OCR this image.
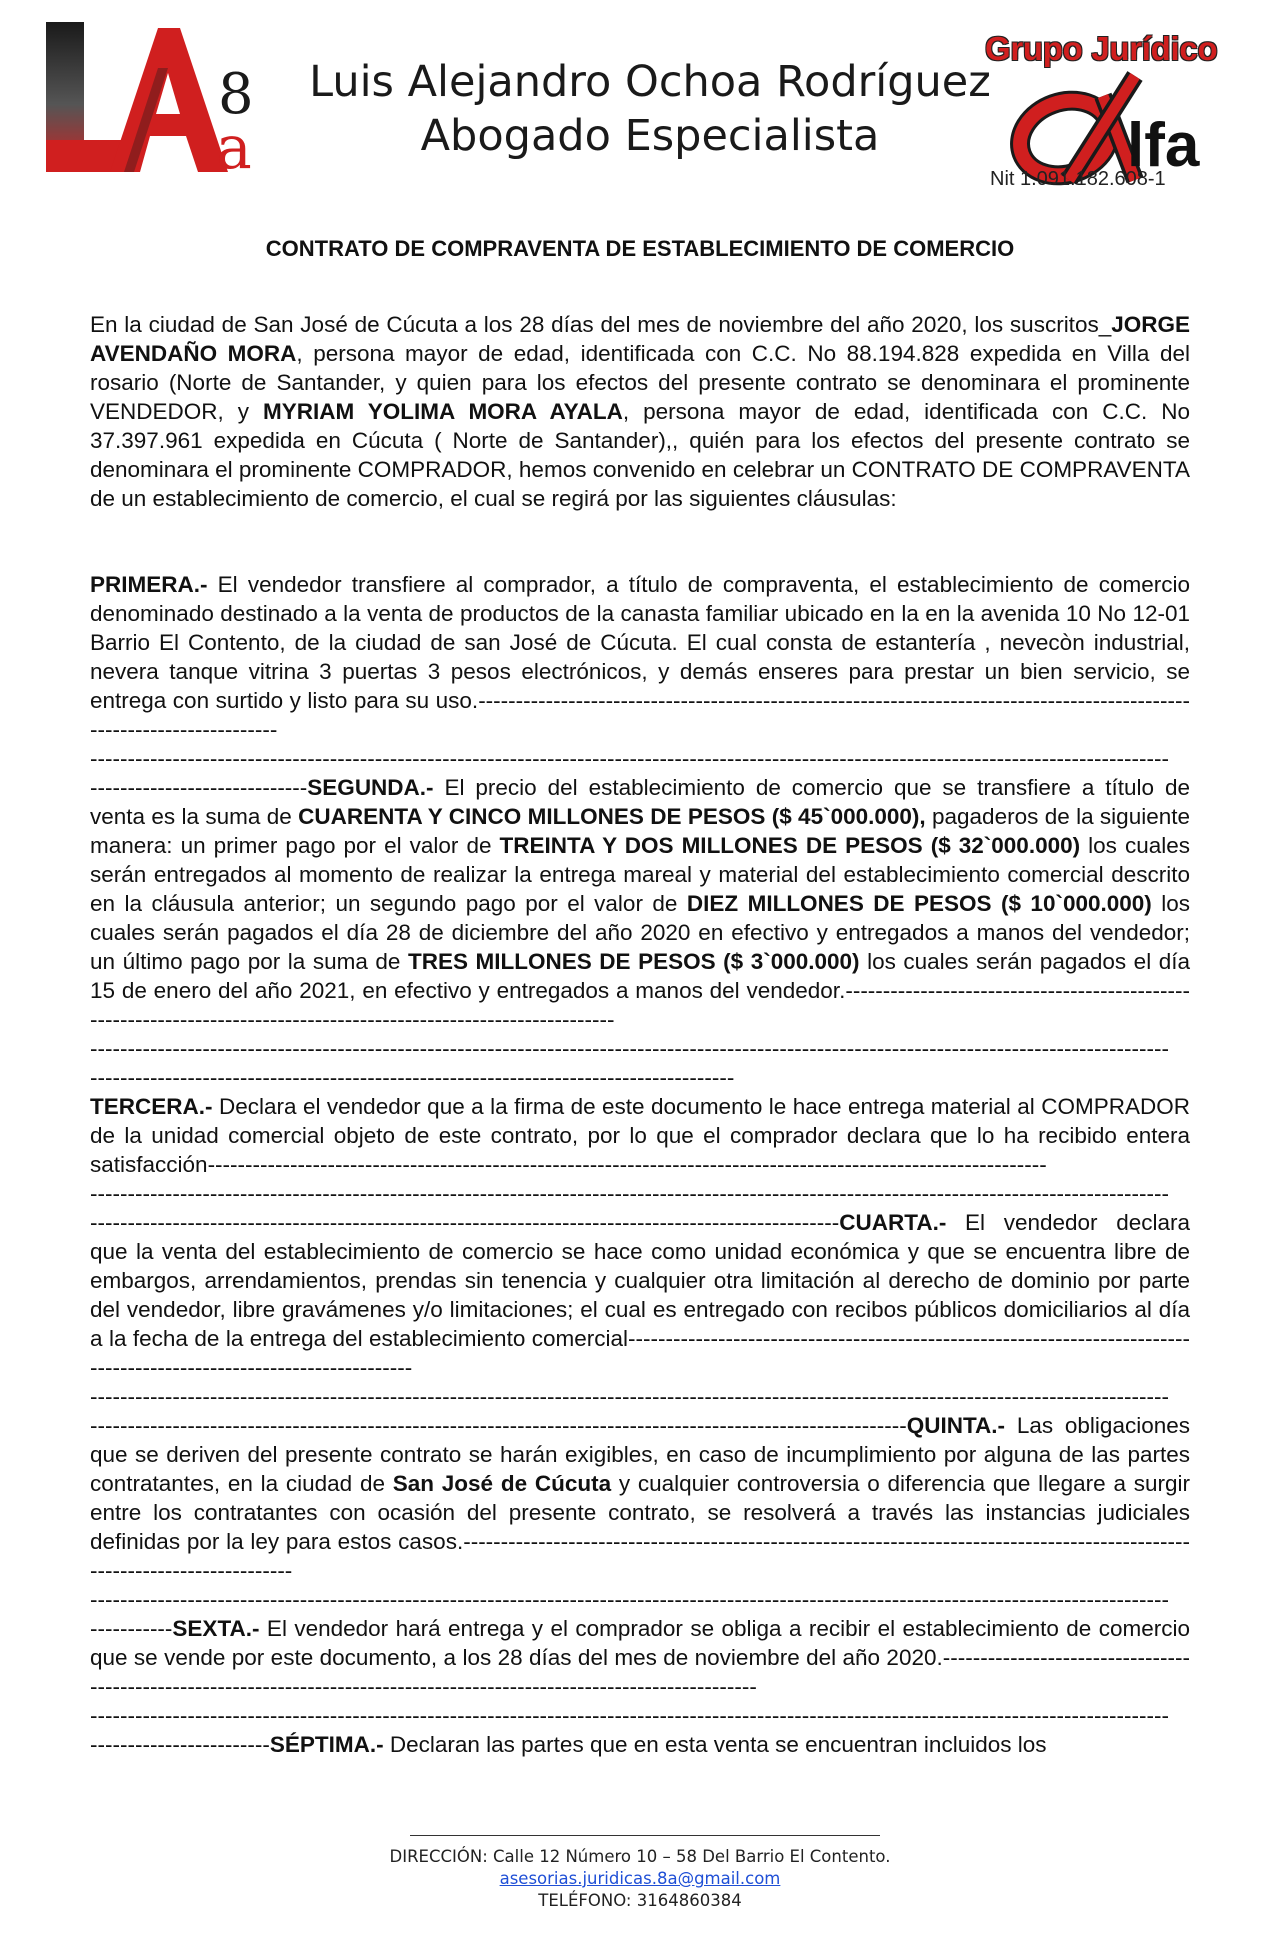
8
a
Luis Alejandro Ochoa Rodríguez
Abogado Especialista
Grupo Jurídico
lfa
Nit 1.091.182.608-1
CONTRATO DE COMPRAVENTA DE ESTABLECIMIENTO DE COMERCIO

En la ciudad de San José de Cúcuta a los 28 días del mes de noviembre del año 2020, los suscritos_JORGE AVENDAÑO MORA, persona mayor de edad, identificada con C.C. No 88.194.828 expedida en Villa del rosario (Norte de Santander, y quien para los efectos del presente contrato se denominara el prominente VENDEDOR, y MYRIAM YOLIMA MORA AYALA, persona mayor de edad, identificada con C.C. No 37.397.961 expedida en Cúcuta ( Norte de Santander),, quién para los efectos del presente contrato se denominara el prominente COMPRADOR, hemos convenido en celebrar un CONTRATO DE COMPRAVENTA de un establecimiento de comercio, el cual se regirá por las siguientes cláusulas:

PRIMERA.- El vendedor transfiere al comprador, a título de compraventa, el establecimiento de comercio denominado destinado a la venta de productos de la canasta familiar ubicado en la en la avenida 10 No 12-01 Barrio El Contento, de la ciudad de san José de Cúcuta. El cual consta de estantería , nevecòn industrial, nevera tanque vitrina 3 puertas 3 pesos electrónicos, y demás enseres para prestar un bien servicio, se entrega con surtido y listo para su uso.------------------------------------------------------------------------------------------------------------------------

------------------------------------------------------------------------------------------------------------------------------------------------

-----------------------------SEGUNDA.- El precio del establecimiento de comercio que se transfiere a título de venta es la suma de CUARENTA Y CINCO MILLONES DE PESOS ($ 45`000.000), pagaderos de la siguiente manera: un primer pago por el valor de TREINTA Y DOS MILLONES DE PESOS ($ 32`000.000) los cuales serán entregados al momento de realizar la entrega mareal y material del establecimiento comercial descrito en la cláusula anterior; un segundo pago por el valor de DIEZ MILLONES DE PESOS ($ 10`000.000) los cuales serán pagados el día 28 de diciembre del año 2020 en efectivo y entregados a manos del vendedor; un último pago por la suma de TRES MILLONES DE PESOS ($ 3`000.000) los cuales serán pagados el día 15 de enero del año 2021, en efectivo y entregados a manos del vendedor.--------------------------------------------------------------------------------------------------------------------

------------------------------------------------------------------------------------------------------------------------------------------------
--------------------------------------------------------------------------------------

TERCERA.- Declara el vendedor que a la firma de este documento le hace entrega material al COMPRADOR de la unidad comercial objeto de este contrato, por lo que el comprador declara que lo ha recibido entera satisfacción----------------------------------------------------------------------------------------------------------------

------------------------------------------------------------------------------------------------------------------------------------------------

----------------------------------------------------------------------------------------------------CUARTA.- El vendedor declara que la venta del establecimiento de comercio se hace como unidad económica y que se encuentra libre de embargos, arrendamientos, prendas sin tenencia y cualquier otra limitación al derecho de dominio por parte del vendedor, libre gravámenes y/o limitaciones; el cual es entregado con recibos públicos domiciliarios al día a la fecha de la entrega del establecimiento comercial----------------------------------------------------------------------------------------------------------------------

------------------------------------------------------------------------------------------------------------------------------------------------

-------------------------------------------------------------------------------------------------------------QUINTA.- Las obligaciones que se deriven del presente contrato se harán exigibles, en caso de incumplimiento por alguna de las partes contratantes, en la ciudad de San José de Cúcuta y cualquier controversia o diferencia que llegare a surgir entre los contratantes con ocasión del presente contrato, se resolverá a través las instancias judiciales definidas por la ley para estos casos.----------------------------------------------------------------------------------------------------------------------------

------------------------------------------------------------------------------------------------------------------------------------------------

-----------SEXTA.- El vendedor hará entrega y el comprador se obliga a recibir el establecimiento de comercio que se vende por este documento, a los 28 días del mes de noviembre del año 2020.--------------------------------------------------------------------------------------------------------------------------

------------------------------------------------------------------------------------------------------------------------------------------------

------------------------SÉPTIMA.- Declaran las partes que en esta venta se encuentran incluidos los

DIRECCIÓN: Calle 12 Número 10 – 58 Del Barrio El Contento.
asesorias.juridicas.8a@gmail.com
TELÉFONO: 3164860384
